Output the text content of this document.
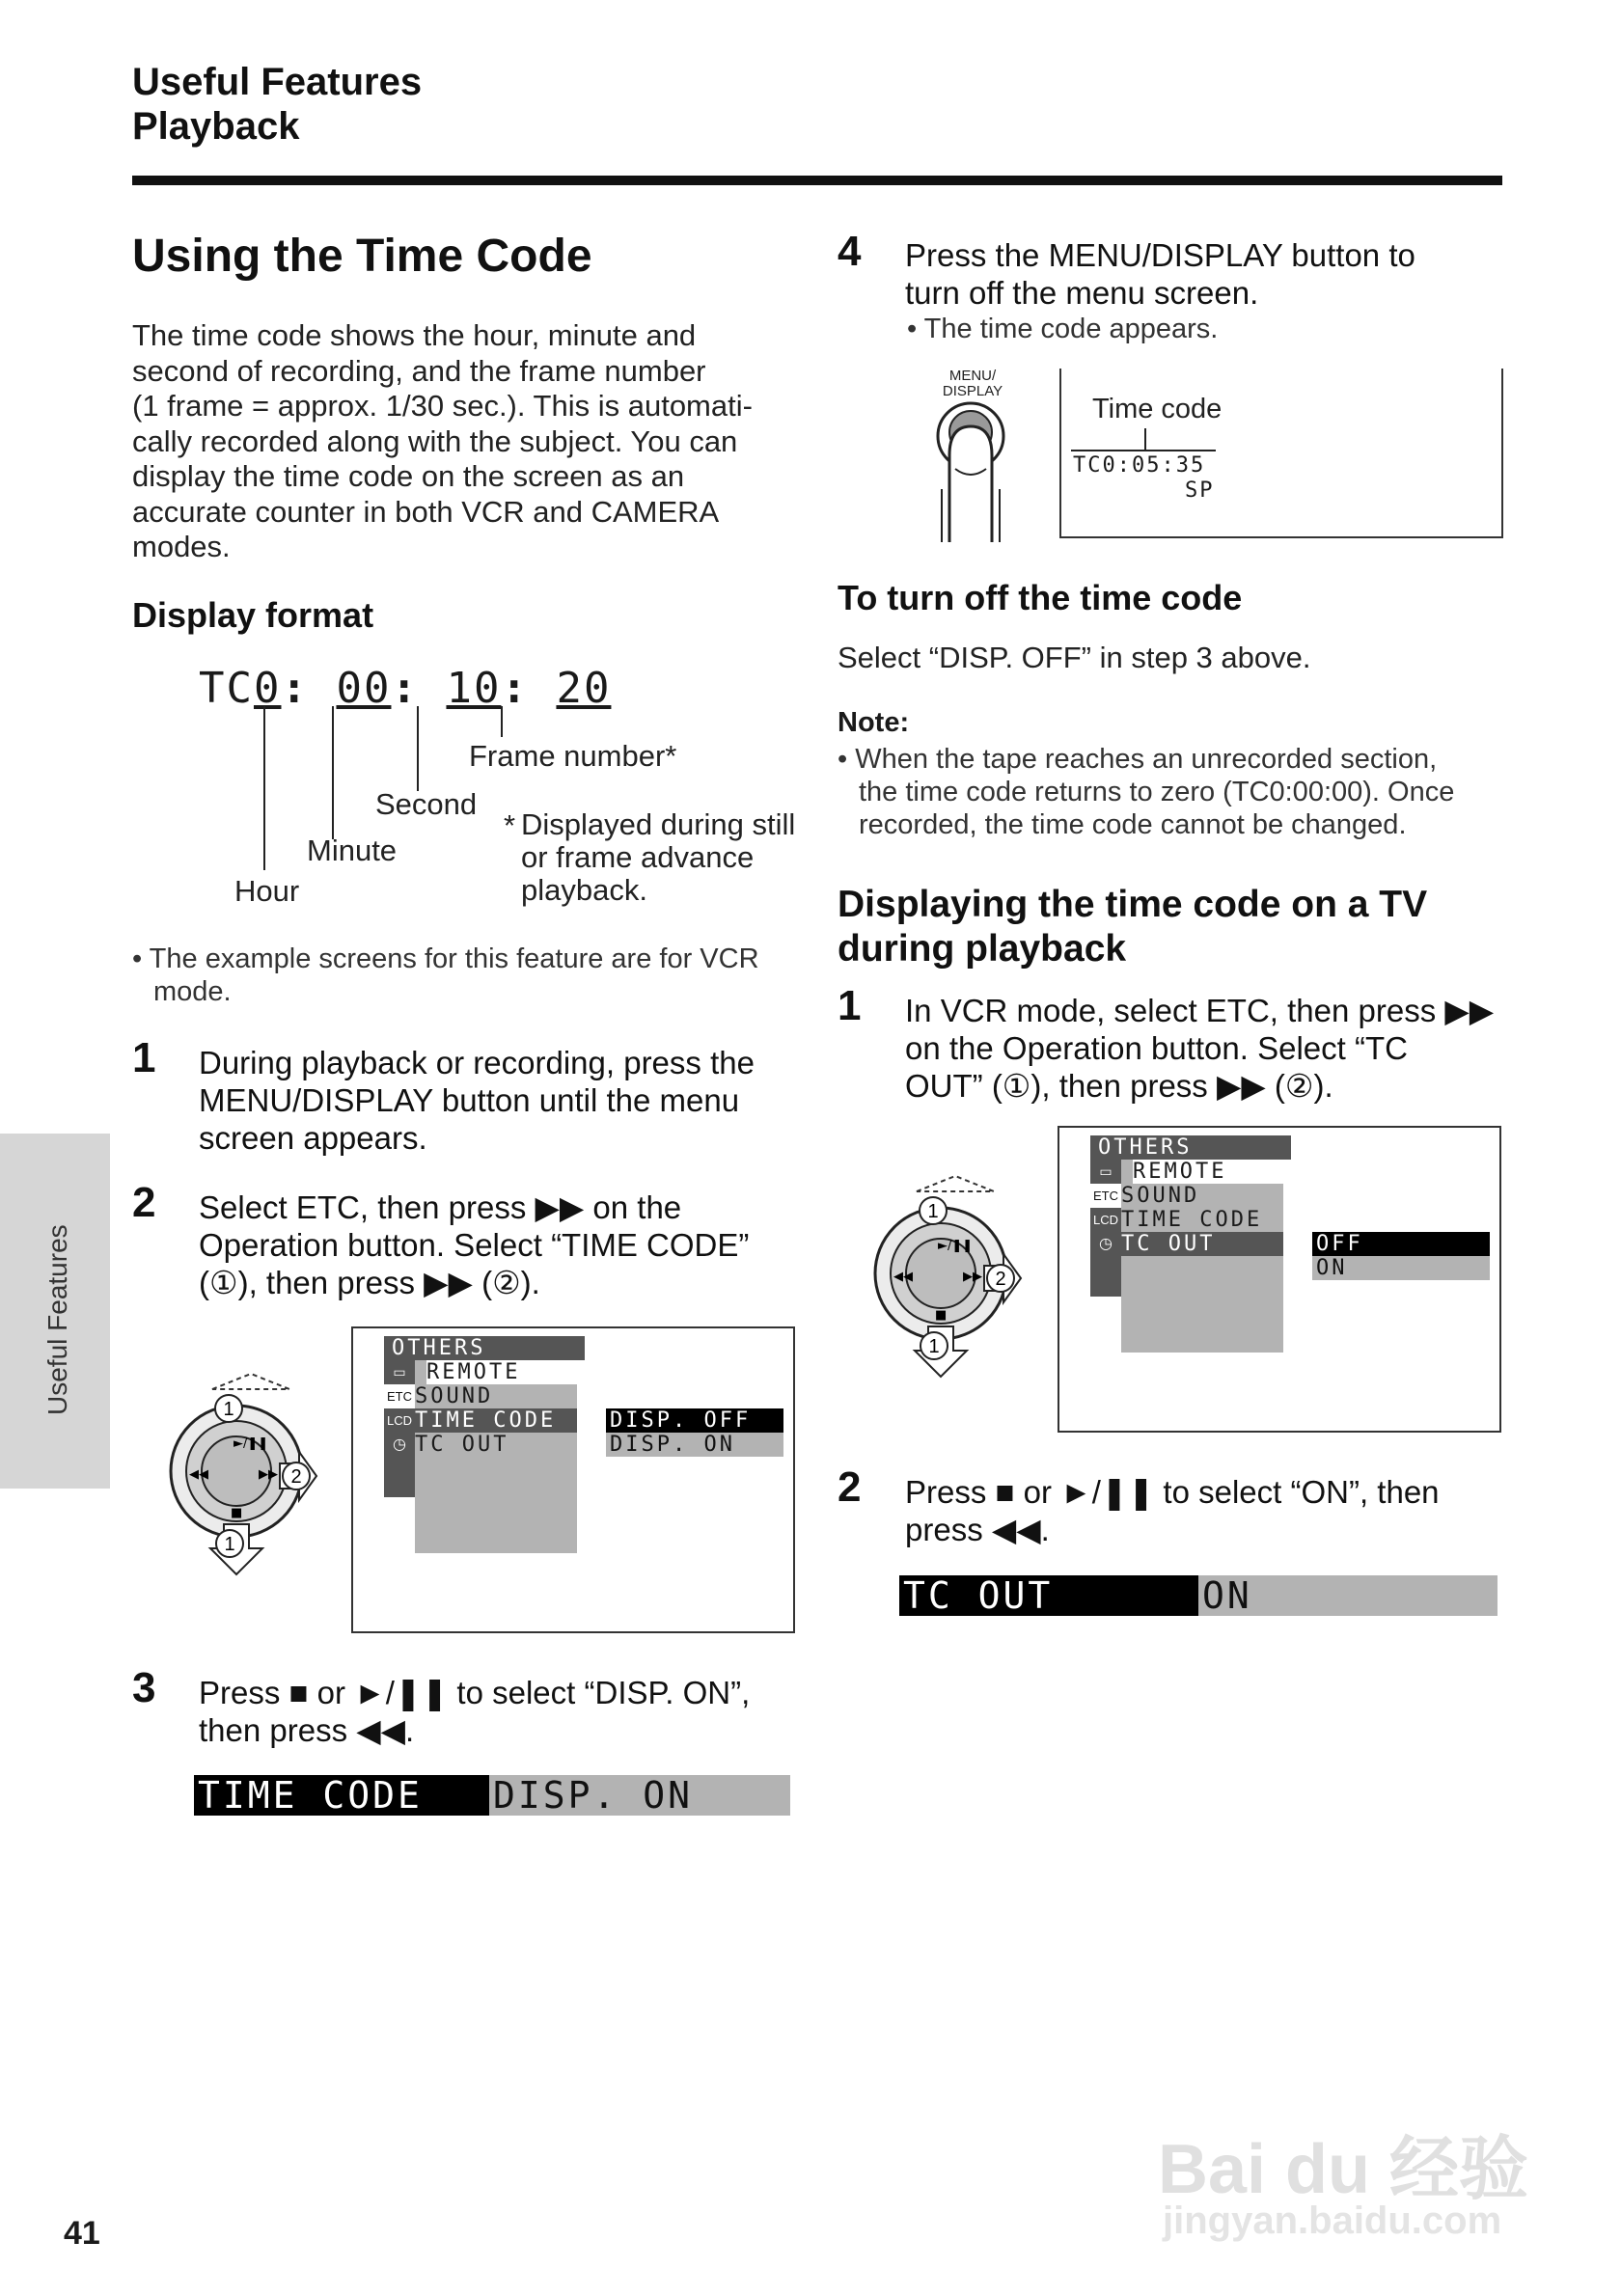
Useful Features
Playback
Useful Features
Using the Time Code
The time code shows the hour, minute and
second of recording, and the frame number
(1 frame = approx. 1/30 sec.). This is automati-
cally recorded along with the subject. You can
display the time code on the screen as an
accurate counter in both VCR and CAMERA
modes.
Display format
TC0: 00: 10: 20
Frame number*
Second
Minute
Hour
* Displayed during still
or frame advance
playback.
• The example screens for this feature are for VCR
mode.
1 During playback or recording, press the
MENU/DISPLAY button until the menu
screen appears.
2 Select ETC, then press ▶▶ on the
Operation button. Select “TIME CODE”
(①), then press ▶▶ (②).
1
2
1
►/❚❚
◀◀	▶▶
■
OTHERS
▭
ETC
LCD
◷
REMOTE
SOUND
TIME CODE
TC OUT
DISP. OFF
DISP. ON
3 Press ■ or ►/❚❚ to select “DISP. ON”,
then press ◀◀.
TIME CODE	DISP. ON
4 Press the MENU/DISPLAY button to
turn off the menu screen.
• The time code appears.
MENU/
DISPLAY
Time code
TC0:05:35
SP
To turn off the time code
Select “DISP. OFF” in step 3 above.
Note:
• When the tape reaches an unrecorded section,
the time code returns to zero (TC0:00:00). Once
recorded, the time code cannot be changed.
Displaying the time code on a TV
during playback
1 In VCR mode, select ETC, then press ▶▶
on the Operation button. Select “TC
OUT” (①), then press ▶▶ (②).
1
2
1
►/❚❚
◀◀	▶▶
■
OTHERS
▭
ETC
LCD
◷
REMOTE
SOUND
TIME CODE
TC OUT	OFF
ON
2 Press ■ or ►/❚❚ to select “ON”, then
press ◀◀.
TC OUT	ON
41
Bai du 经验
jingyan.baidu.com
